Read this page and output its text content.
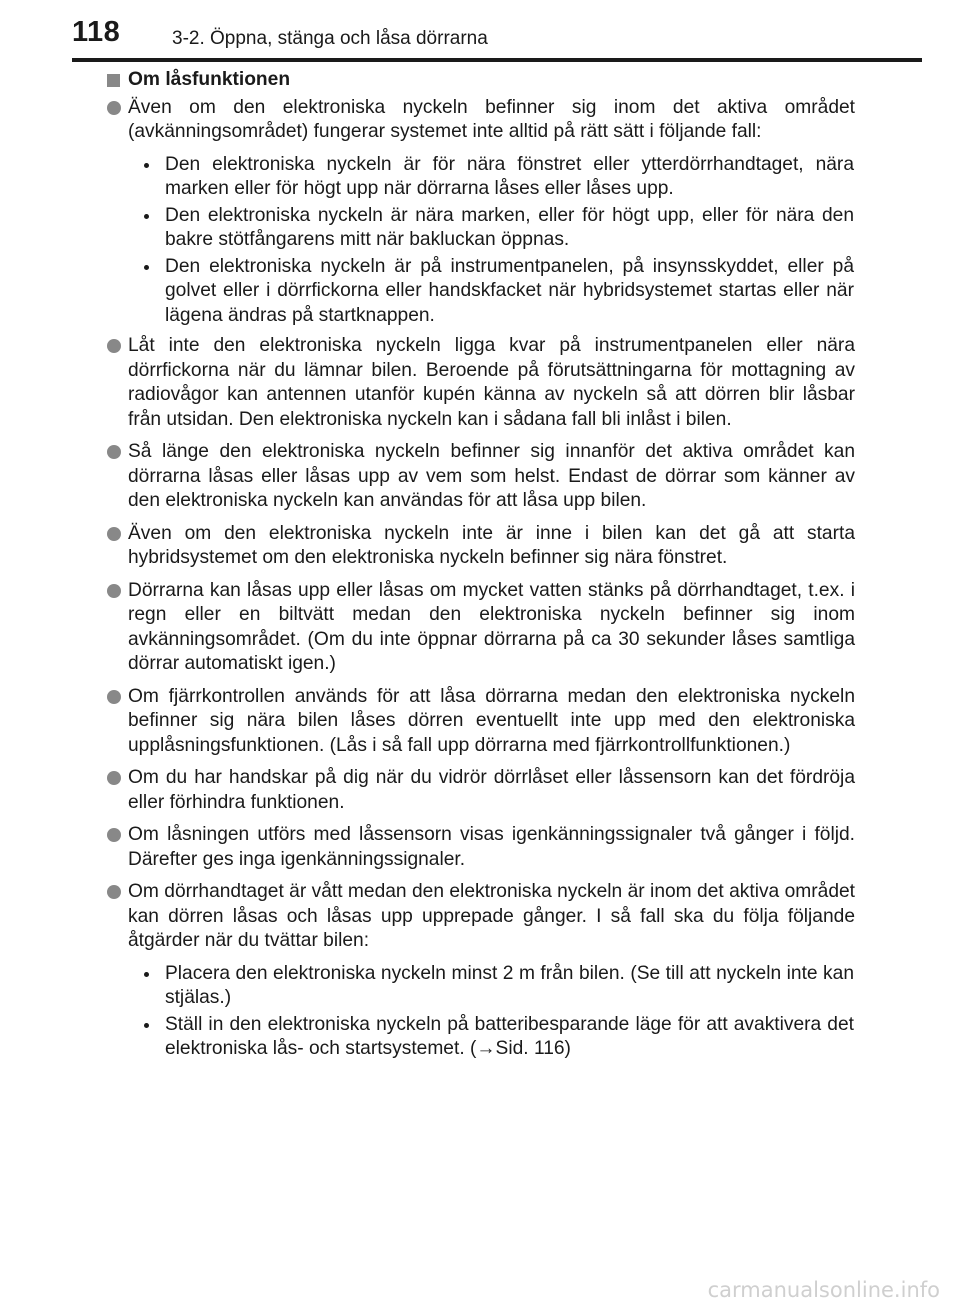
118	3-2. Öppna, stänga och låsa dörrarna
Om låsfunktionen
Även om den elektroniska nyckeln befinner sig inom det aktiva området (avkänningsområdet) fungerar systemet inte alltid på rätt sätt i följande fall:
Den elektroniska nyckeln är för nära fönstret eller ytterdörrhandtaget, nära marken eller för högt upp när dörrarna låses eller låses upp.
Den elektroniska nyckeln är nära marken, eller för högt upp, eller för nära den bakre stötfångarens mitt när bakluckan öppnas.
Den elektroniska nyckeln är på instrumentpanelen, på insynsskyddet, eller på golvet eller i dörrfickorna eller handskfacket när hybridsystemet startas eller när lägena ändras på startknappen.
Låt inte den elektroniska nyckeln ligga kvar på instrumentpanelen eller nära dörrfickorna när du lämnar bilen. Beroende på förutsättningarna för mottagning av radiovågor kan antennen utanför kupén känna av nyckeln så att dörren blir låsbar från utsidan. Den elektroniska nyckeln kan i sådana fall bli inlåst i bilen.
Så länge den elektroniska nyckeln befinner sig innanför det aktiva området kan dörrarna låsas eller låsas upp av vem som helst. Endast de dörrar som känner av den elektroniska nyckeln kan användas för att låsa upp bilen.
Även om den elektroniska nyckeln inte är inne i bilen kan det gå att starta hybridsystemet om den elektroniska nyckeln befinner sig nära fönstret.
Dörrarna kan låsas upp eller låsas om mycket vatten stänks på dörrhandtaget, t.ex. i regn eller en biltvätt medan den elektroniska nyckeln befinner sig inom avkänningsområdet. (Om du inte öppnar dörrarna på ca 30 sekunder låses samtliga dörrar automatiskt igen.)
Om fjärrkontrollen används för att låsa dörrarna medan den elektroniska nyckeln befinner sig nära bilen låses dörren eventuellt inte upp med den elektroniska upplåsningsfunktionen. (Lås i så fall upp dörrarna med fjärrkontrollfunktionen.)
Om du har handskar på dig när du vidrör dörrlåset eller låssensorn kan det fördröja eller förhindra funktionen.
Om låsningen utförs med låssensorn visas igenkänningssignaler två gånger i följd. Därefter ges inga igenkänningssignaler.
Om dörrhandtaget är vått medan den elektroniska nyckeln är inom det aktiva området kan dörren låsas och låsas upp upprepade gånger. I så fall ska du följa följande åtgärder när du tvättar bilen:
Placera den elektroniska nyckeln minst 2 m från bilen. (Se till att nyckeln inte kan stjälas.)
Ställ in den elektroniska nyckeln på batteribesparande läge för att avaktivera det elektroniska lås- och startsystemet. (→Sid. 116)
carmanualsonline.info
